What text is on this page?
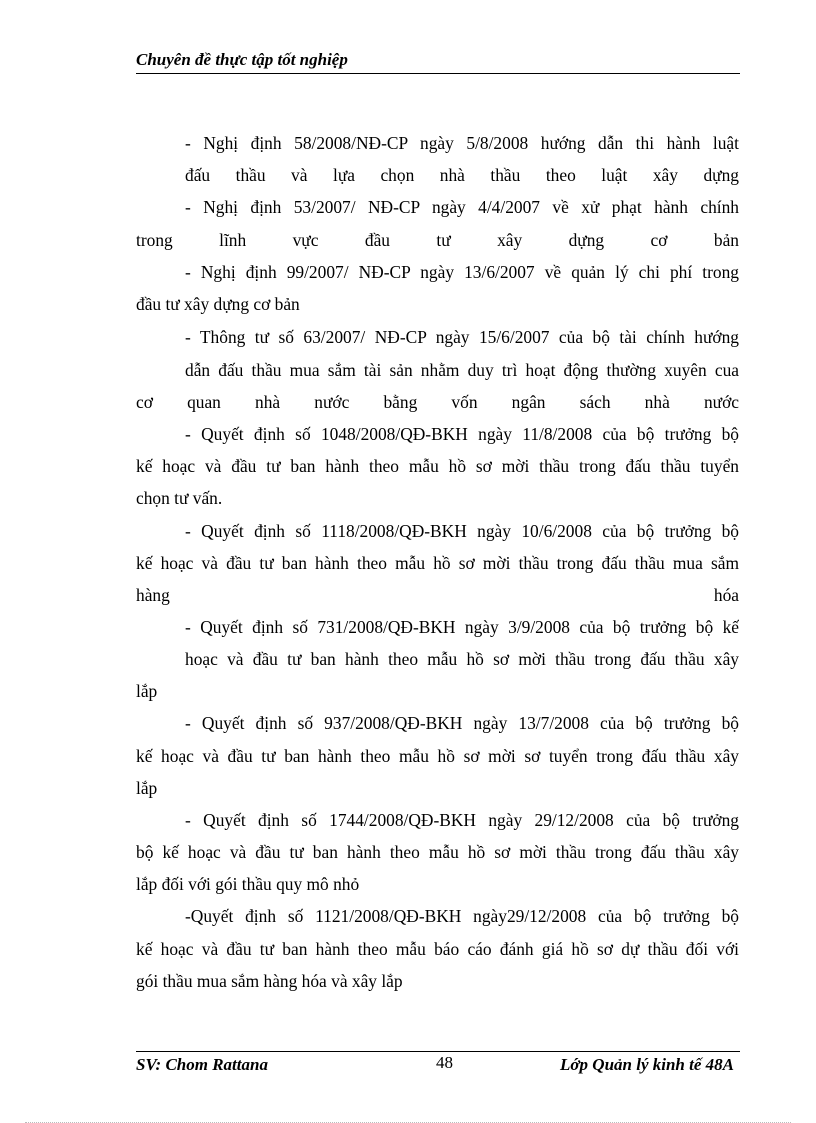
Chuyên đề thực tập tốt nghiệp
- Nghị định 58/2008/NĐ-CP ngày 5/8/2008 hướng dẫn thi hành luật
đấu thầu và lựa chọn nhà thầu theo luật xây dựng
- Nghị định 53/2007/ NĐ-CP ngày 4/4/2007 về xử phạt hành chính
trong lĩnh vực đầu tư xây dựng cơ bản
- Nghị định 99/2007/ NĐ-CP ngày 13/6/2007 về quản lý chi phí trong
đầu tư xây dựng cơ bản
- Thông tư số 63/2007/ NĐ-CP ngày 15/6/2007 của bộ tài chính hướng
dẫn đấu thầu mua sắm tài sản nhằm duy trì hoạt động thường xuyên cua
cơ quan nhà nước bằng vốn ngân sách nhà nước
- Quyết định số 1048/2008/QĐ-BKH ngày 11/8/2008 của bộ trưởng bộ
kế hoạc và đầu tư ban hành theo mẫu hồ sơ mời thầu trong đấu thầu tuyển
chọn tư vấn.
- Quyết định số 1118/2008/QĐ-BKH ngày 10/6/2008 của bộ trưởng bộ
kế hoạc và đầu tư ban hành theo mẫu hồ sơ mời thầu trong đấu thầu mua sắm
hàng hóa
- Quyết định số 731/2008/QĐ-BKH ngày 3/9/2008 của bộ trưởng bộ kế
hoạc và đầu tư ban hành theo mẫu hồ sơ mời thầu trong đấu thầu xây
lắp
- Quyết định số 937/2008/QĐ-BKH ngày 13/7/2008 của bộ trưởng bộ
kế hoạc và đầu tư ban hành theo mẫu hồ sơ mời sơ tuyển trong đấu thầu xây
lắp
- Quyết định số 1744/2008/QĐ-BKH ngày 29/12/2008 của bộ trưởng
bộ kế hoạc và đầu tư ban hành theo mẫu hồ sơ mời thầu trong đấu thầu xây
lắp đối với gói thầu quy mô nhỏ
-Quyết định số 1121/2008/QĐ-BKH ngày29/12/2008 của bộ trưởng bộ
kế hoạc và đầu tư ban hành theo mẫu báo cáo đánh giá hồ sơ dự thầu đối với
gói thầu mua sắm hàng hóa và xây lắp
SV: Chom Rattana	48	Lớp Quản lý kinh tế 48A
